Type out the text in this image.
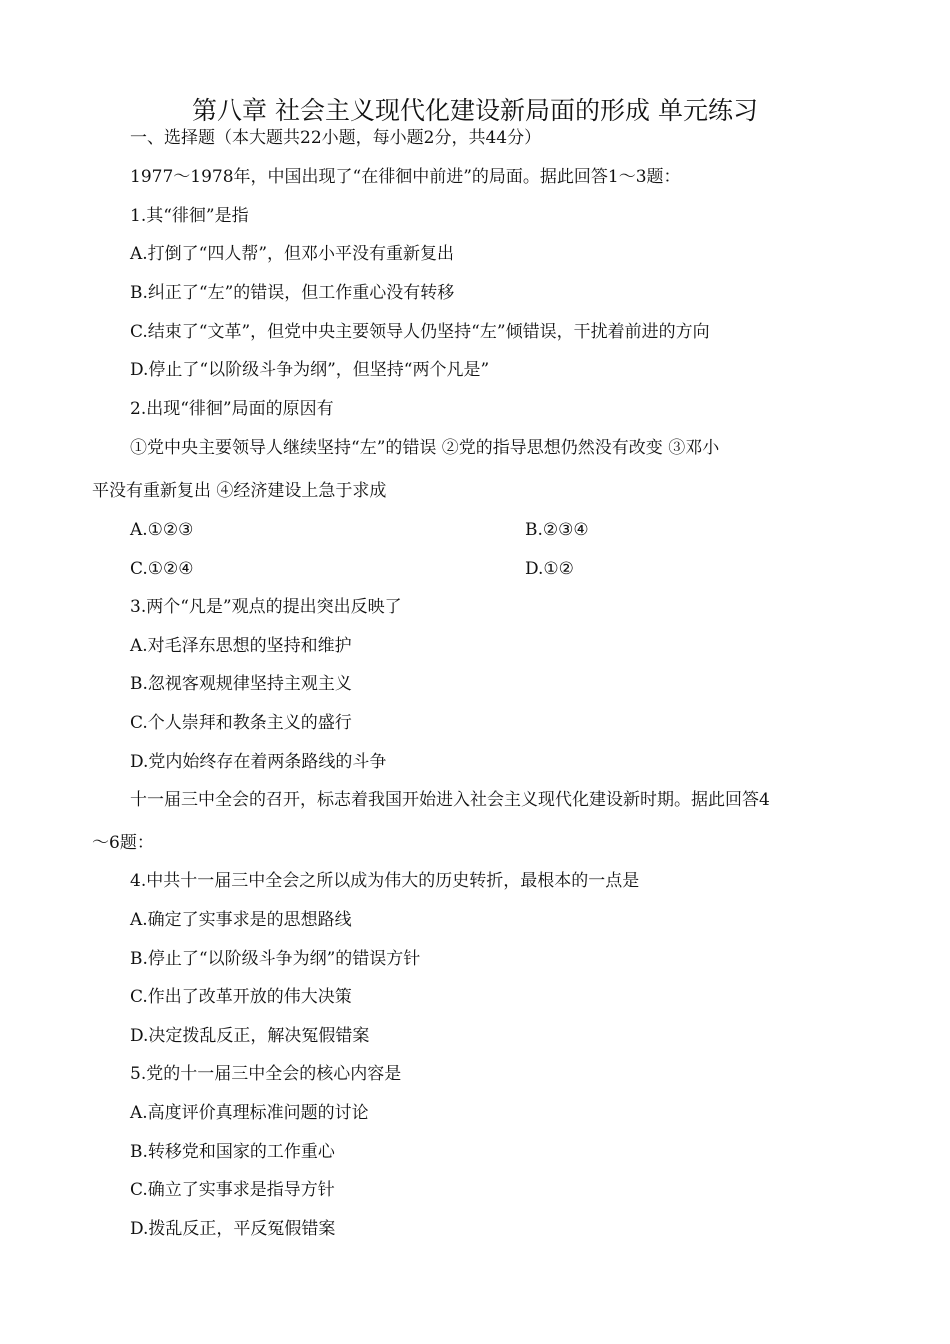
第八章 社会主义现代化建设新局面的形成 单元练习
一、选择题（本大题共22小题，每小题2分，共44分）
1977～1978年，中国出现了“在徘徊中前进”的局面。据此回答1～3题：
1.其“徘徊”是指
A.打倒了“四人帮”，但邓小平没有重新复出
B.纠正了“左”的错误，但工作重心没有转移
C.结束了“文革”，但党中央主要领导人仍坚持“左”倾错误，干扰着前进的方向
D.停止了“以阶级斗争为纲”，但坚持“两个凡是”
2.出现“徘徊”局面的原因有
①党中央主要领导人继续坚持“左”的错误 ②党的指导思想仍然没有改变 ③邓小
平没有重新复出 ④经济建设上急于求成
A.①②③	B.②③④
C.①②④	D.①②
3.两个“凡是”观点的提出突出反映了
A.对毛泽东思想的坚持和维护
B.忽视客观规律坚持主观主义
C.个人崇拜和教条主义的盛行
D.党内始终存在着两条路线的斗争
十一届三中全会的召开，标志着我国开始进入社会主义现代化建设新时期。据此回答4
～6题：
4.中共十一届三中全会之所以成为伟大的历史转折，最根本的一点是
A.确定了实事求是的思想路线
B.停止了“以阶级斗争为纲”的错误方针
C.作出了改革开放的伟大决策
D.决定拨乱反正，解决冤假错案
5.党的十一届三中全会的核心内容是
A.高度评价真理标准问题的讨论
B.转移党和国家的工作重心
C.确立了实事求是指导方针
D.拨乱反正，平反冤假错案
